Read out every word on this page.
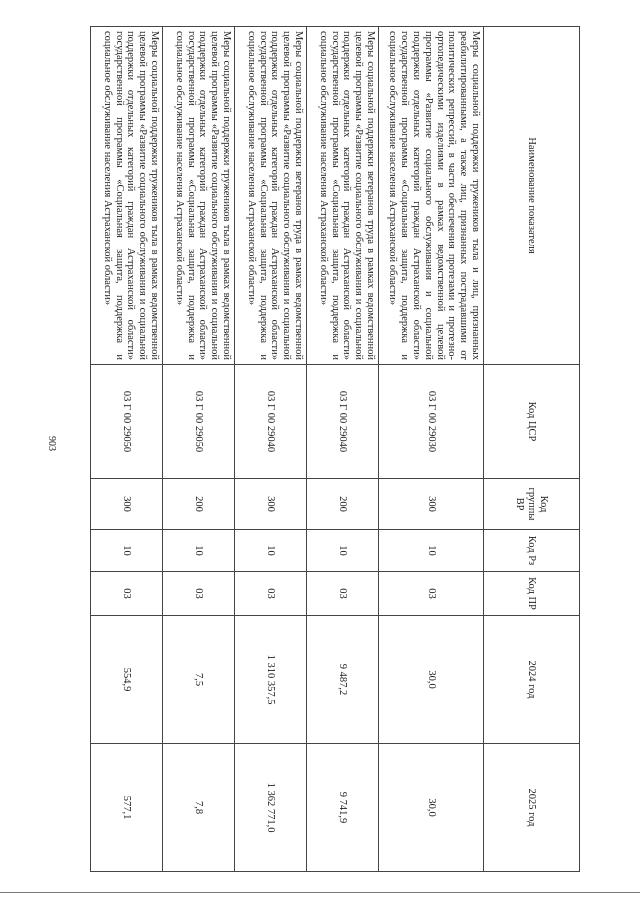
903
Наименование показателя	Код ЦСР	Код группы ВР	Код Рз	Код ПР	2024 год	2025 год
Меры социальной поддержки тружеников тыла и лиц, признанных реабилитированными, а также лиц, признанных пострадавшими от политических репрессий, в части обеспечения протезами и протезно-ортопедическими изделиями в рамках ведомственной целевой программы «Развитие социального обслуживания и социальной поддержки отдельных категорий граждан Астраханской области» государственной программы «Социальная защита, поддержка и социальное обслуживание населения Астраханской области»	03 Г 00 29030	300	10	03	30,0	30,0
Меры социальной поддержки ветеранов труда в рамках ведомственной целевой программы «Развитие социального обслуживания и социальной поддержки отдельных категорий граждан Астраханской области» государственной программы «Социальная защита, поддержка и социальное обслуживание населения Астраханской области»	03 Г 00 29040	200	10	03	9 487,2	9 741,9
Меры социальной поддержки ветеранов труда в рамках ведомственной целевой программы «Развитие социального обслуживания и социальной поддержки отдельных категорий граждан Астраханской области» государственной программы «Социальная защита, поддержка и социальное обслуживание населения Астраханской области»	03 Г 00 29040	300	10	03	1 310 357,5	1 362 771,0
Меры социальной поддержки тружеников тыла в рамках ведомственной целевой программы «Развитие социального обслуживания и социальной поддержки отдельных категорий граждан Астраханской области» государственной программы «Социальная защита, поддержка и социальное обслуживание населения Астраханской области»	03 Г 00 29050	200	10	03	7,5	7,8
Меры социальной поддержки тружеников тыла в рамках ведомственной целевой программы «Развитие социального обслуживания и социальной поддержки отдельных категорий граждан Астраханской области» государственной программы «Социальная защита, поддержка и социальное обслуживание населения Астраханской области»	03 Г 00 29050	300	10	03	554,9	577,1
